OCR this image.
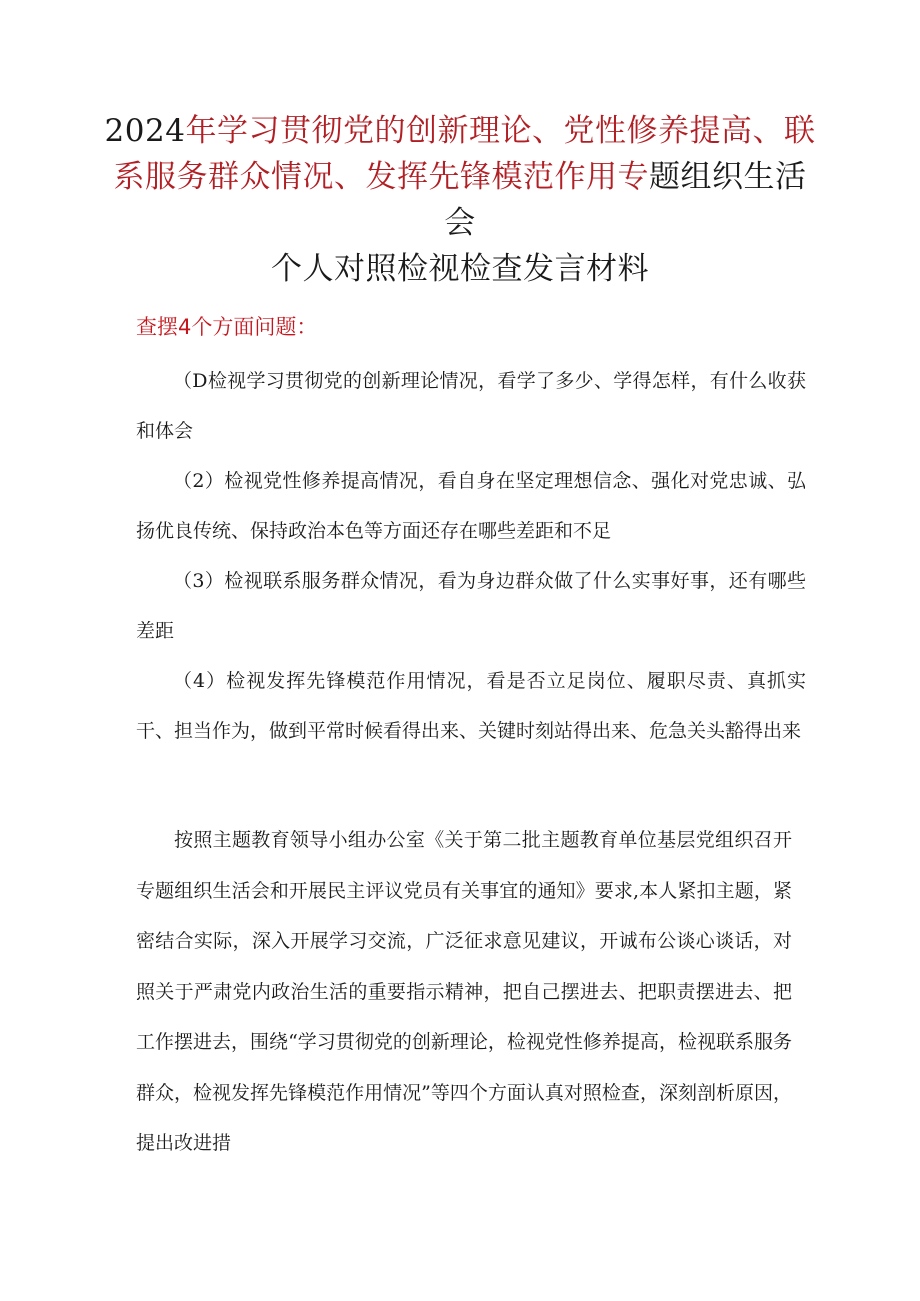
2024年学习贯彻党的创新理论、党性修养提高、联系服务群众情况、发挥先锋模范作用专题组织生活会
个人对照检视检查发言材料
查摆4个方面问题：

（D检视学习贯彻党的创新理论情况，看学了多少、学得怎样，有什么收获和体会

（2）检视党性修养提高情况，看自身在坚定理想信念、强化对党忠诚、弘扬优良传统、保持政治本色等方面还存在哪些差距和不足

（3）检视联系服务群众情况，看为身边群众做了什么实事好事，还有哪些差距

（4）检视发挥先锋模范作用情况，看是否立足岗位、履职尽责、真抓实干、担当作为，做到平常时候看得出来、关键时刻站得出来、危急关头豁得出来

按照主题教育领导小组办公室《关于第二批主题教育单位基层党组织召开专题组织生活会和开展民主评议党员有关事宜的通知》要求,本人紧扣主题，紧密结合实际，深入开展学习交流，广泛征求意见建议，开诚布公谈心谈话，对照关于严肃党内政治生活的重要指示精神，把自己摆进去、把职责摆进去、把工作摆进去，围绕“学习贯彻党的创新理论，检视党性修养提高，检视联系服务群众，检视发挥先锋模范作用情况”等四个方面认真对照检查，深刻剖析原因，提出改进措
